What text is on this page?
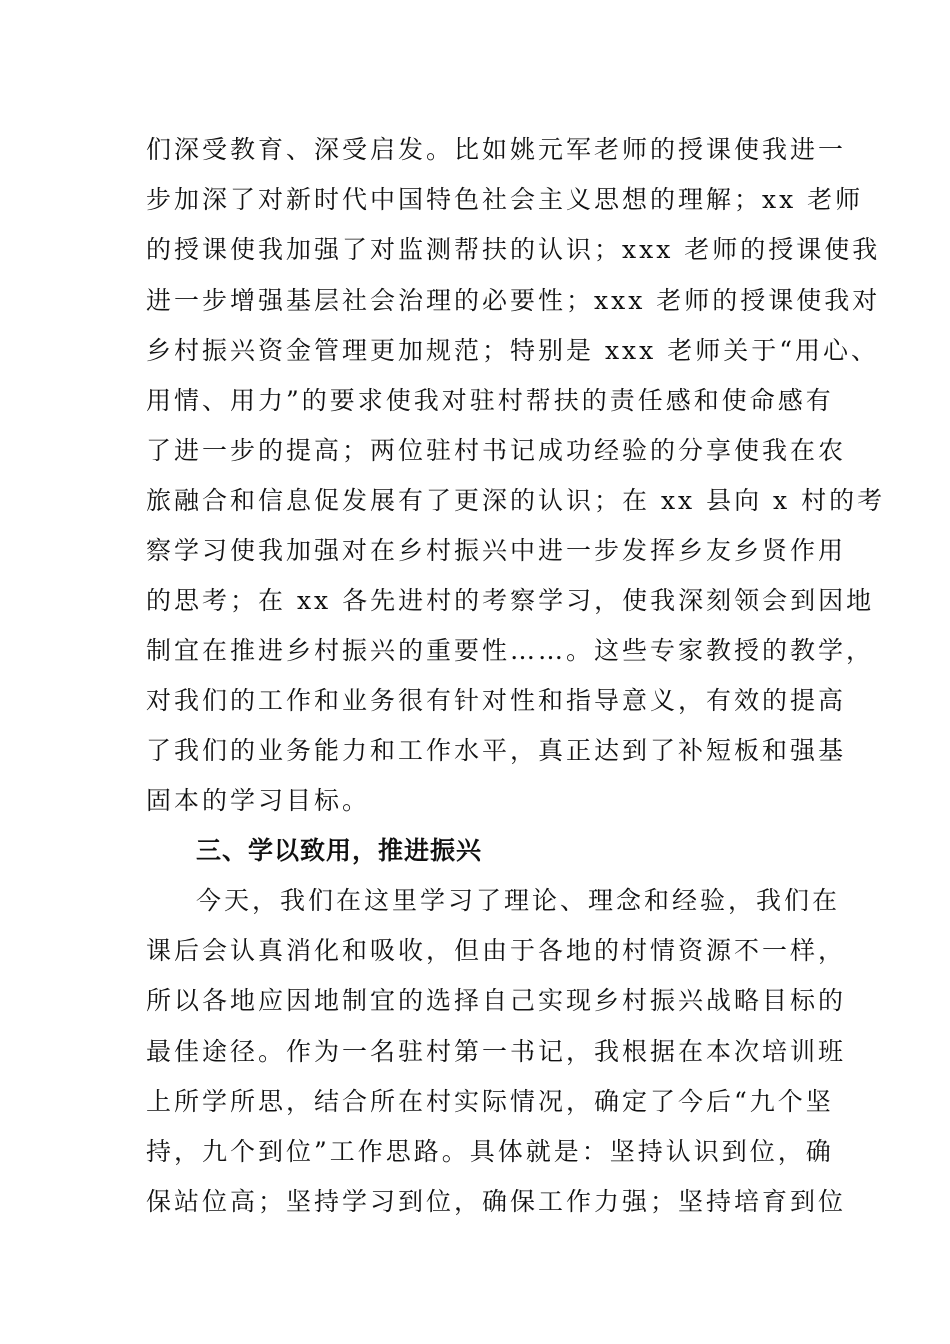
们深受教育、深受启发。比如姚元军老师的授课使我进一
步加深了对新时代中国特色社会主义思想的理解；xx 老师
的授课使我加强了对监测帮扶的认识；xxx 老师的授课使我
进一步增强基层社会治理的必要性；xxx 老师的授课使我对
乡村振兴资金管理更加规范；特别是 xxx 老师关于“用心、
用情、用力”的要求使我对驻村帮扶的责任感和使命感有
了进一步的提高；两位驻村书记成功经验的分享使我在农
旅融合和信息促发展有了更深的认识；在 xx 县向 x 村的考
察学习使我加强对在乡村振兴中进一步发挥乡友乡贤作用
的思考；在 xx 各先进村的考察学习，使我深刻领会到因地
制宜在推进乡村振兴的重要性……。这些专家教授的教学，
对我们的工作和业务很有针对性和指导意义，有效的提高
了我们的业务能力和工作水平，真正达到了补短板和强基
固本的学习目标。
三、学以致用，推进振兴
今天，我们在这里学习了理论、理念和经验，我们在
课后会认真消化和吸收，但由于各地的村情资源不一样，
所以各地应因地制宜的选择自己实现乡村振兴战略目标的
最佳途径。作为一名驻村第一书记，我根据在本次培训班
上所学所思，结合所在村实际情况，确定了今后“九个坚
持，九个到位”工作思路。具体就是：坚持认识到位，确
保站位高；坚持学习到位，确保工作力强；坚持培育到位
